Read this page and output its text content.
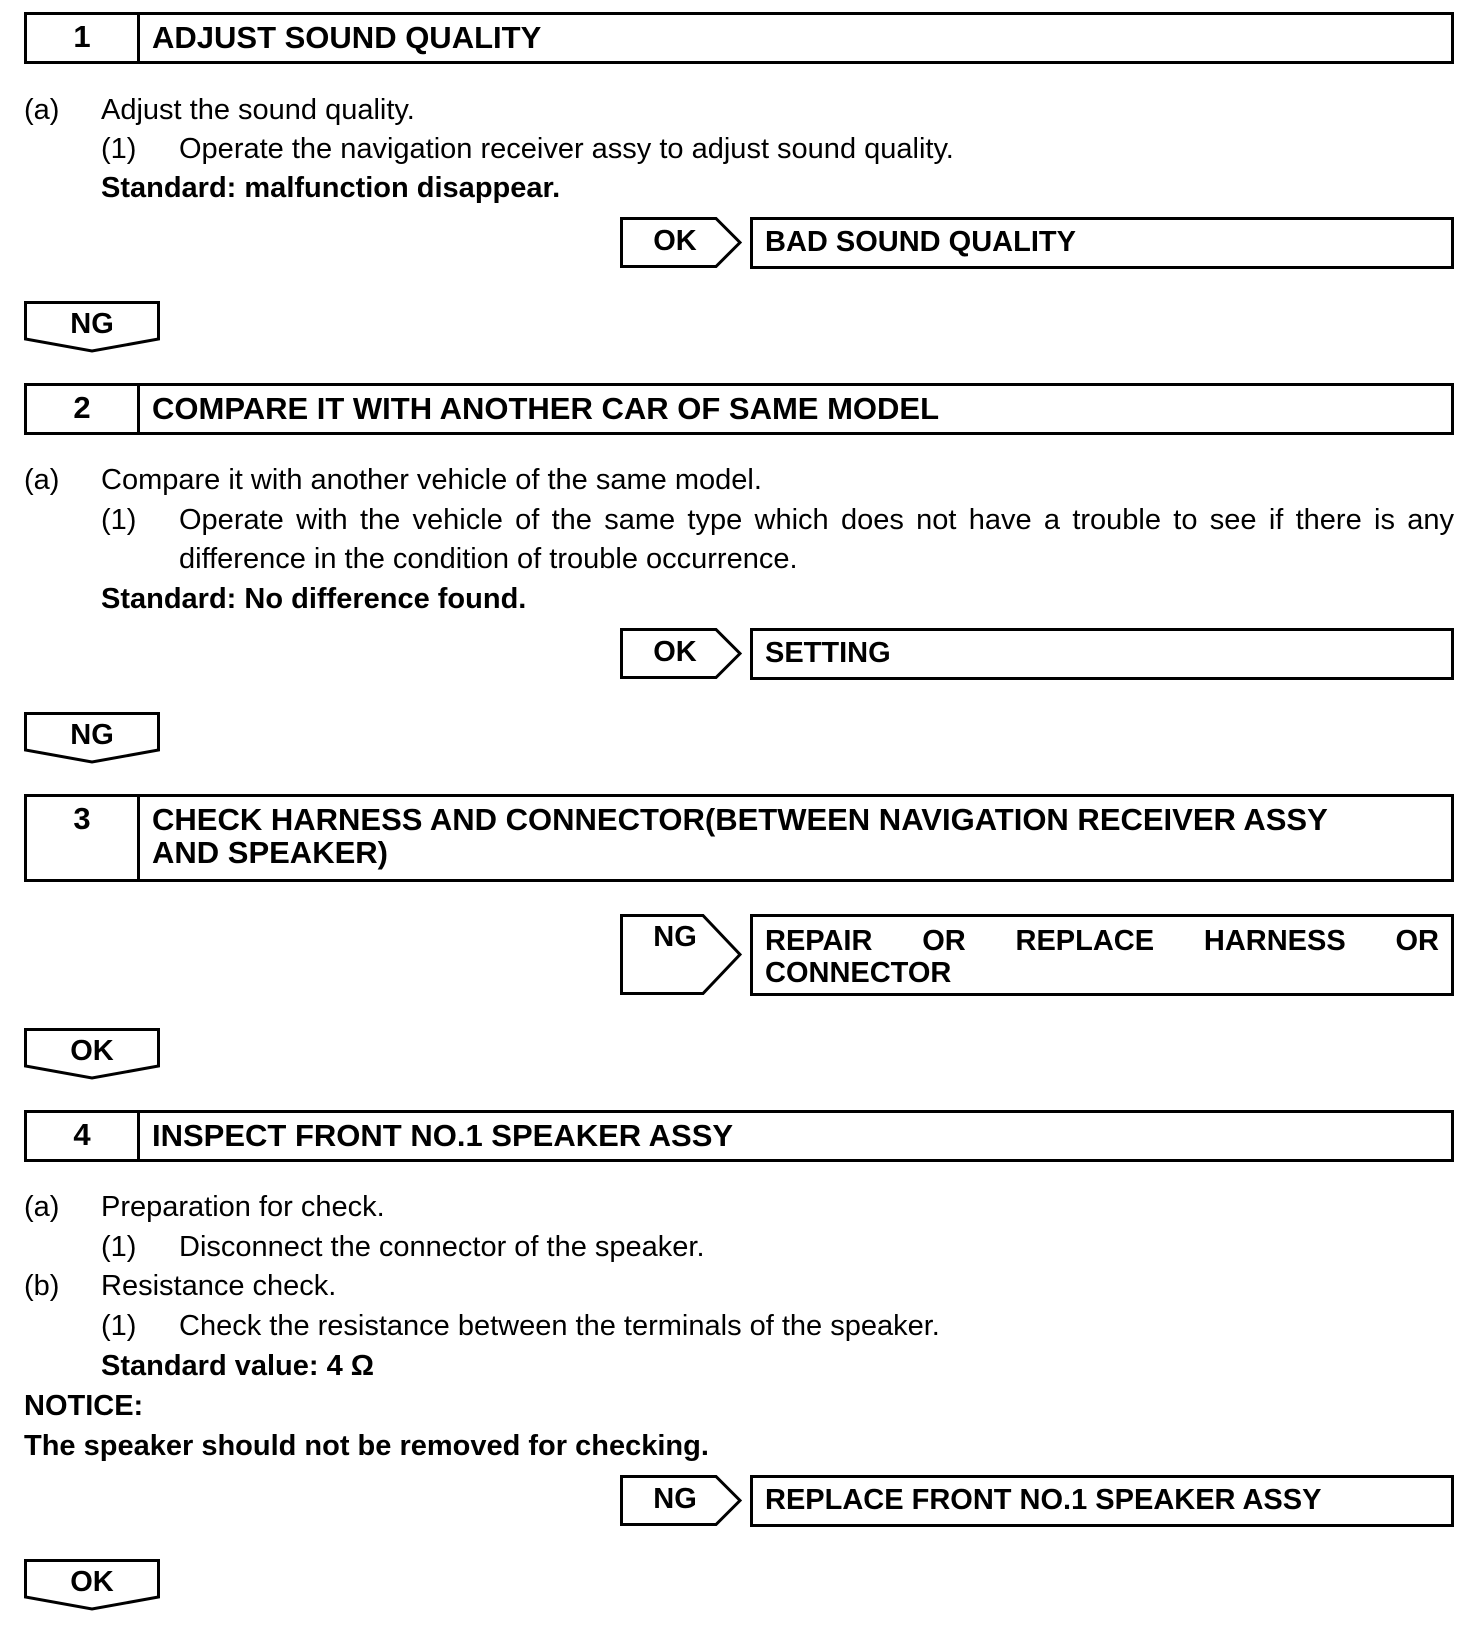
1	ADJUST SOUND QUALITY
(a) Adjust the sound quality.
(1) Operate the navigation receiver assy to adjust sound quality.
Standard: malfunction disappear.
OK	BAD SOUND QUALITY
NG
2	COMPARE IT WITH ANOTHER CAR OF SAME MODEL
(a) Compare it with another vehicle of the same model.
(1) Operate with the vehicle of the same type which does not have a trouble to see if there is any
difference in the condition of trouble occurrence.
Standard: No difference found.
OK	SETTING
NG
3	CHECK HARNESS AND CONNECTOR(BETWEEN NAVIGATION RECEIVER ASSY
AND SPEAKER)
NG	REPAIR OR REPLACE HARNESS OR
CONNECTOR
OK
4	INSPECT FRONT NO.1 SPEAKER ASSY
(a) Preparation for check.
(1) Disconnect the connector of the speaker.
(b) Resistance check.
(1) Check the resistance between the terminals of the speaker.
Standard value: 4 Ω
NOTICE:
The speaker should not be removed for checking.
NG	REPLACE FRONT NO.1 SPEAKER ASSY
OK
